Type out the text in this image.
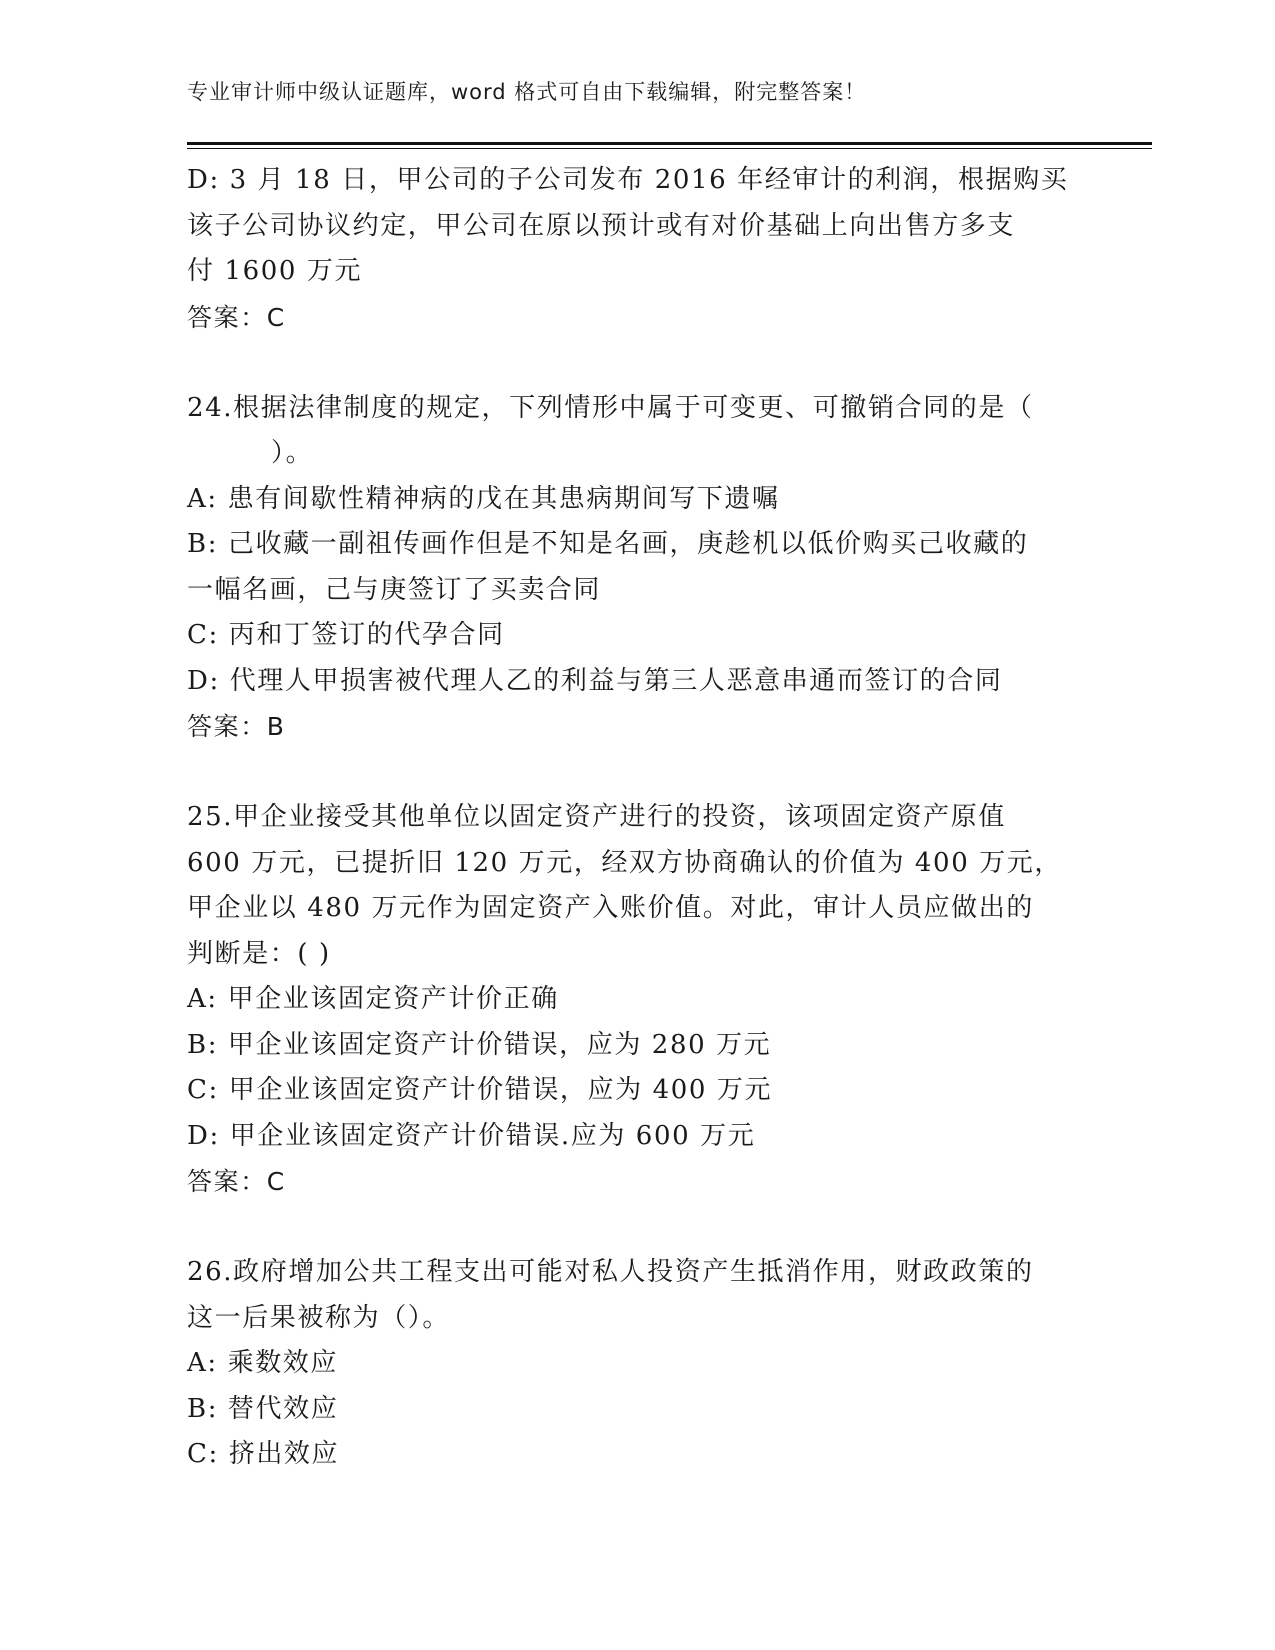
专业审计师中级认证题库，word 格式可自由下载编辑，附完整答案！
D: 3 月 18 日，甲公司的子公司发布 2016 年经审计的利润，根据购买
该子公司协议约定，甲公司在原以预计或有对价基础上向出售方多支
付 1600 万元
答案：C
24.根据法律制度的规定，下列情形中属于可变更、可撤销合同的是（
）。
A: 患有间歇性精神病的戊在其患病期间写下遗嘱
B: 己收藏一副祖传画作但是不知是名画，庚趁机以低价购买己收藏的
一幅名画，己与庚签订了买卖合同
C: 丙和丁签订的代孕合同
D: 代理人甲损害被代理人乙的利益与第三人恶意串通而签订的合同
答案：B
25.甲企业接受其他单位以固定资产进行的投资，该项固定资产原值
600 万元，已提折旧 120 万元，经双方协商确认的价值为 400 万元，
甲企业以 480 万元作为固定资产入账价值。对此，审计人员应做出的
判断是：( )
A: 甲企业该固定资产计价正确
B: 甲企业该固定资产计价错误，应为 280 万元
C: 甲企业该固定资产计价错误，应为 400 万元
D: 甲企业该固定资产计价错误.应为 600 万元
答案：C
26.政府增加公共工程支出可能对私人投资产生抵消作用，财政政策的
这一后果被称为（）。
A: 乘数效应
B: 替代效应
C: 挤出效应
